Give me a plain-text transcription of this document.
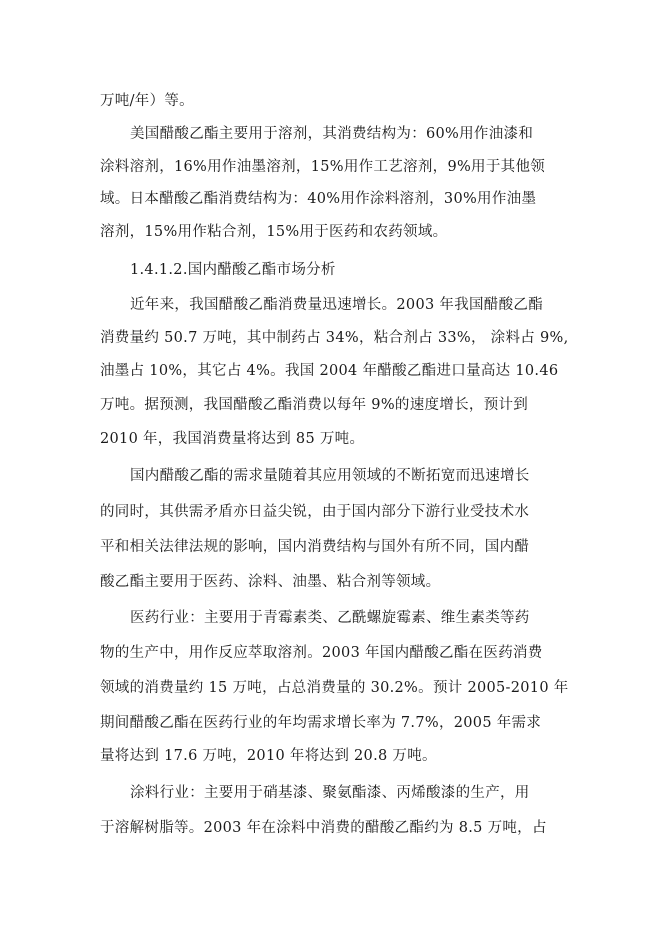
万吨/年）等。
美国醋酸乙酯主要用于溶剂，其消费结构为：60%用作油漆和
涂料溶剂，16%用作油墨溶剂，15%用作工艺溶剂，9%用于其他领
域。日本醋酸乙酯消费结构为：40%用作涂料溶剂，30%用作油墨
溶剂，15%用作粘合剂，15%用于医药和农药领域。
1.4.1.2.国内醋酸乙酯市场分析
近年来，我国醋酸乙酯消费量迅速增长。2003 年我国醋酸乙酯
消费量约 50.7 万吨，其中制药占 34%，粘合剂占 33%， 涂料占 9%,
油墨占 10%，其它占 4%。我国 2004 年醋酸乙酯进口量高达 10.46
万吨。据预测，我国醋酸乙酯消费以每年 9%的速度增长，预计到
2010 年，我国消费量将达到 85 万吨。
国内醋酸乙酯的需求量随着其应用领域的不断拓宽而迅速增长
的同时，其供需矛盾亦日益尖锐，由于国内部分下游行业受技术水
平和相关法律法规的影响，国内消费结构与国外有所不同，国内醋
酸乙酯主要用于医药、涂料、油墨、粘合剂等领域。
医药行业：主要用于青霉素类、乙酰螺旋霉素、维生素类等药
物的生产中，用作反应萃取溶剂。2003 年国内醋酸乙酯在医药消费
领域的消费量约 15 万吨，占总消费量的 30.2%。预计 2005-2010 年
期间醋酸乙酯在医药行业的年均需求增长率为 7.7%，2005 年需求
量将达到 17.6 万吨，2010 年将达到 20.8 万吨。
涂料行业：主要用于硝基漆、聚氨酯漆、丙烯酸漆的生产，用
于溶解树脂等。2003 年在涂料中消费的醋酸乙酯约为 8.5 万吨，占
